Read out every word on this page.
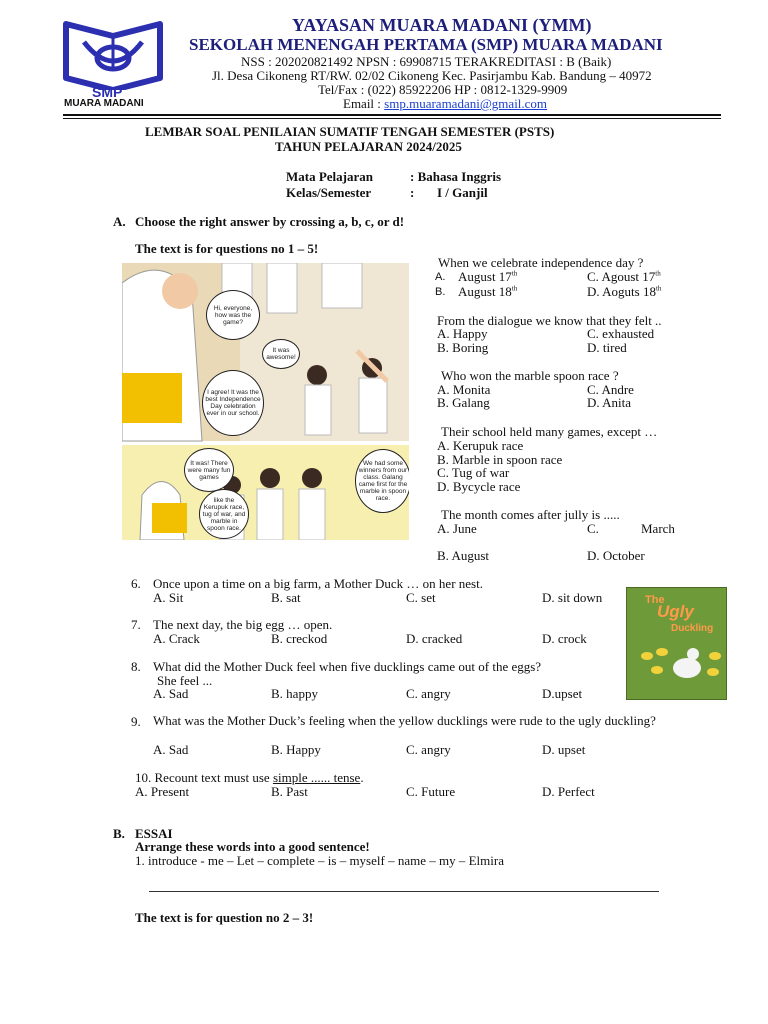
SMP
MUARA MADANI
YAYASAN MUARA MADANI (YMM)
SEKOLAH MENENGAH PERTAMA (SMP) MUARA MADANI
NSS : 202020821492 NPSN : 69908715 TERAKREDITASI : B (Baik)
Jl. Desa Cikoneng RT/RW. 02/02 Cikoneng Kec. Pasirjambu Kab. Bandung – 40972
Tel/Fax : (022) 85922206 HP : 0812-1329-9909
Email : smp.muaramadani@gmail.com
LEMBAR SOAL PENILAIAN SUMATIF TENGAH SEMESTER (PSTS)
TAHUN PELAJARAN 2024/2025
Mata Pelajaran	: Bahasa Inggris
Kelas/Semester	: I / Ganjil
A. Choose the right answer by crossing a, b, c, or d!
The text is for questions no 1 – 5!
Hi, everyone, how was the game?
It was awesome!
I agree! It was the best Independence Day celebration ever in our school.
It was! There were many fun games
like the Kerupuk race, tug of war, and marble in spoon race.
We had some winners from our class. Galang came first for the marble in spoon race.
When we celebrate independence day ?
A. August 17th	C. Agoust 17th
B. August 18th	D. Aoguts 18th
From the dialogue we know that they felt ..
A. Happy	C. exhausted
B. Boring	D. tired
Who won the marble spoon race ?
A. Monita	C. Andre
B. Galang	D. Anita
Their school held many games, except …
A. Kerupuk race
B. Marble in spoon race
C. Tug of war
D. Bycycle race
The month comes after jully is .....
A. June	C.	March
B. August	D. October
The
Ugly
Duckling
6. Once upon a time on a big farm, a Mother Duck … on her nest.
A. Sit	B. sat	C. set	D. sit down
7. The next day, the big egg … open.
A. Crack	B. creckod	D. cracked	D. crock
8. What did the Mother Duck feel when five ducklings came out of the eggs?
She feel ...
A. Sad	B. happy	C. angry	D.upset
9. What was the Mother Duck’s feeling when the yellow ducklings were rude to the ugly duckling?
A. Sad	B. Happy	C. angry	D. upset
10. Recount text must use simple ...... tense.
A. Present	B. Past	C. Future	D. Perfect
B. ESSAI
Arrange these words into a good sentence!
1. introduce - me – Let – complete – is – myself – name – my – Elmira
The text is for question no 2 – 3!
